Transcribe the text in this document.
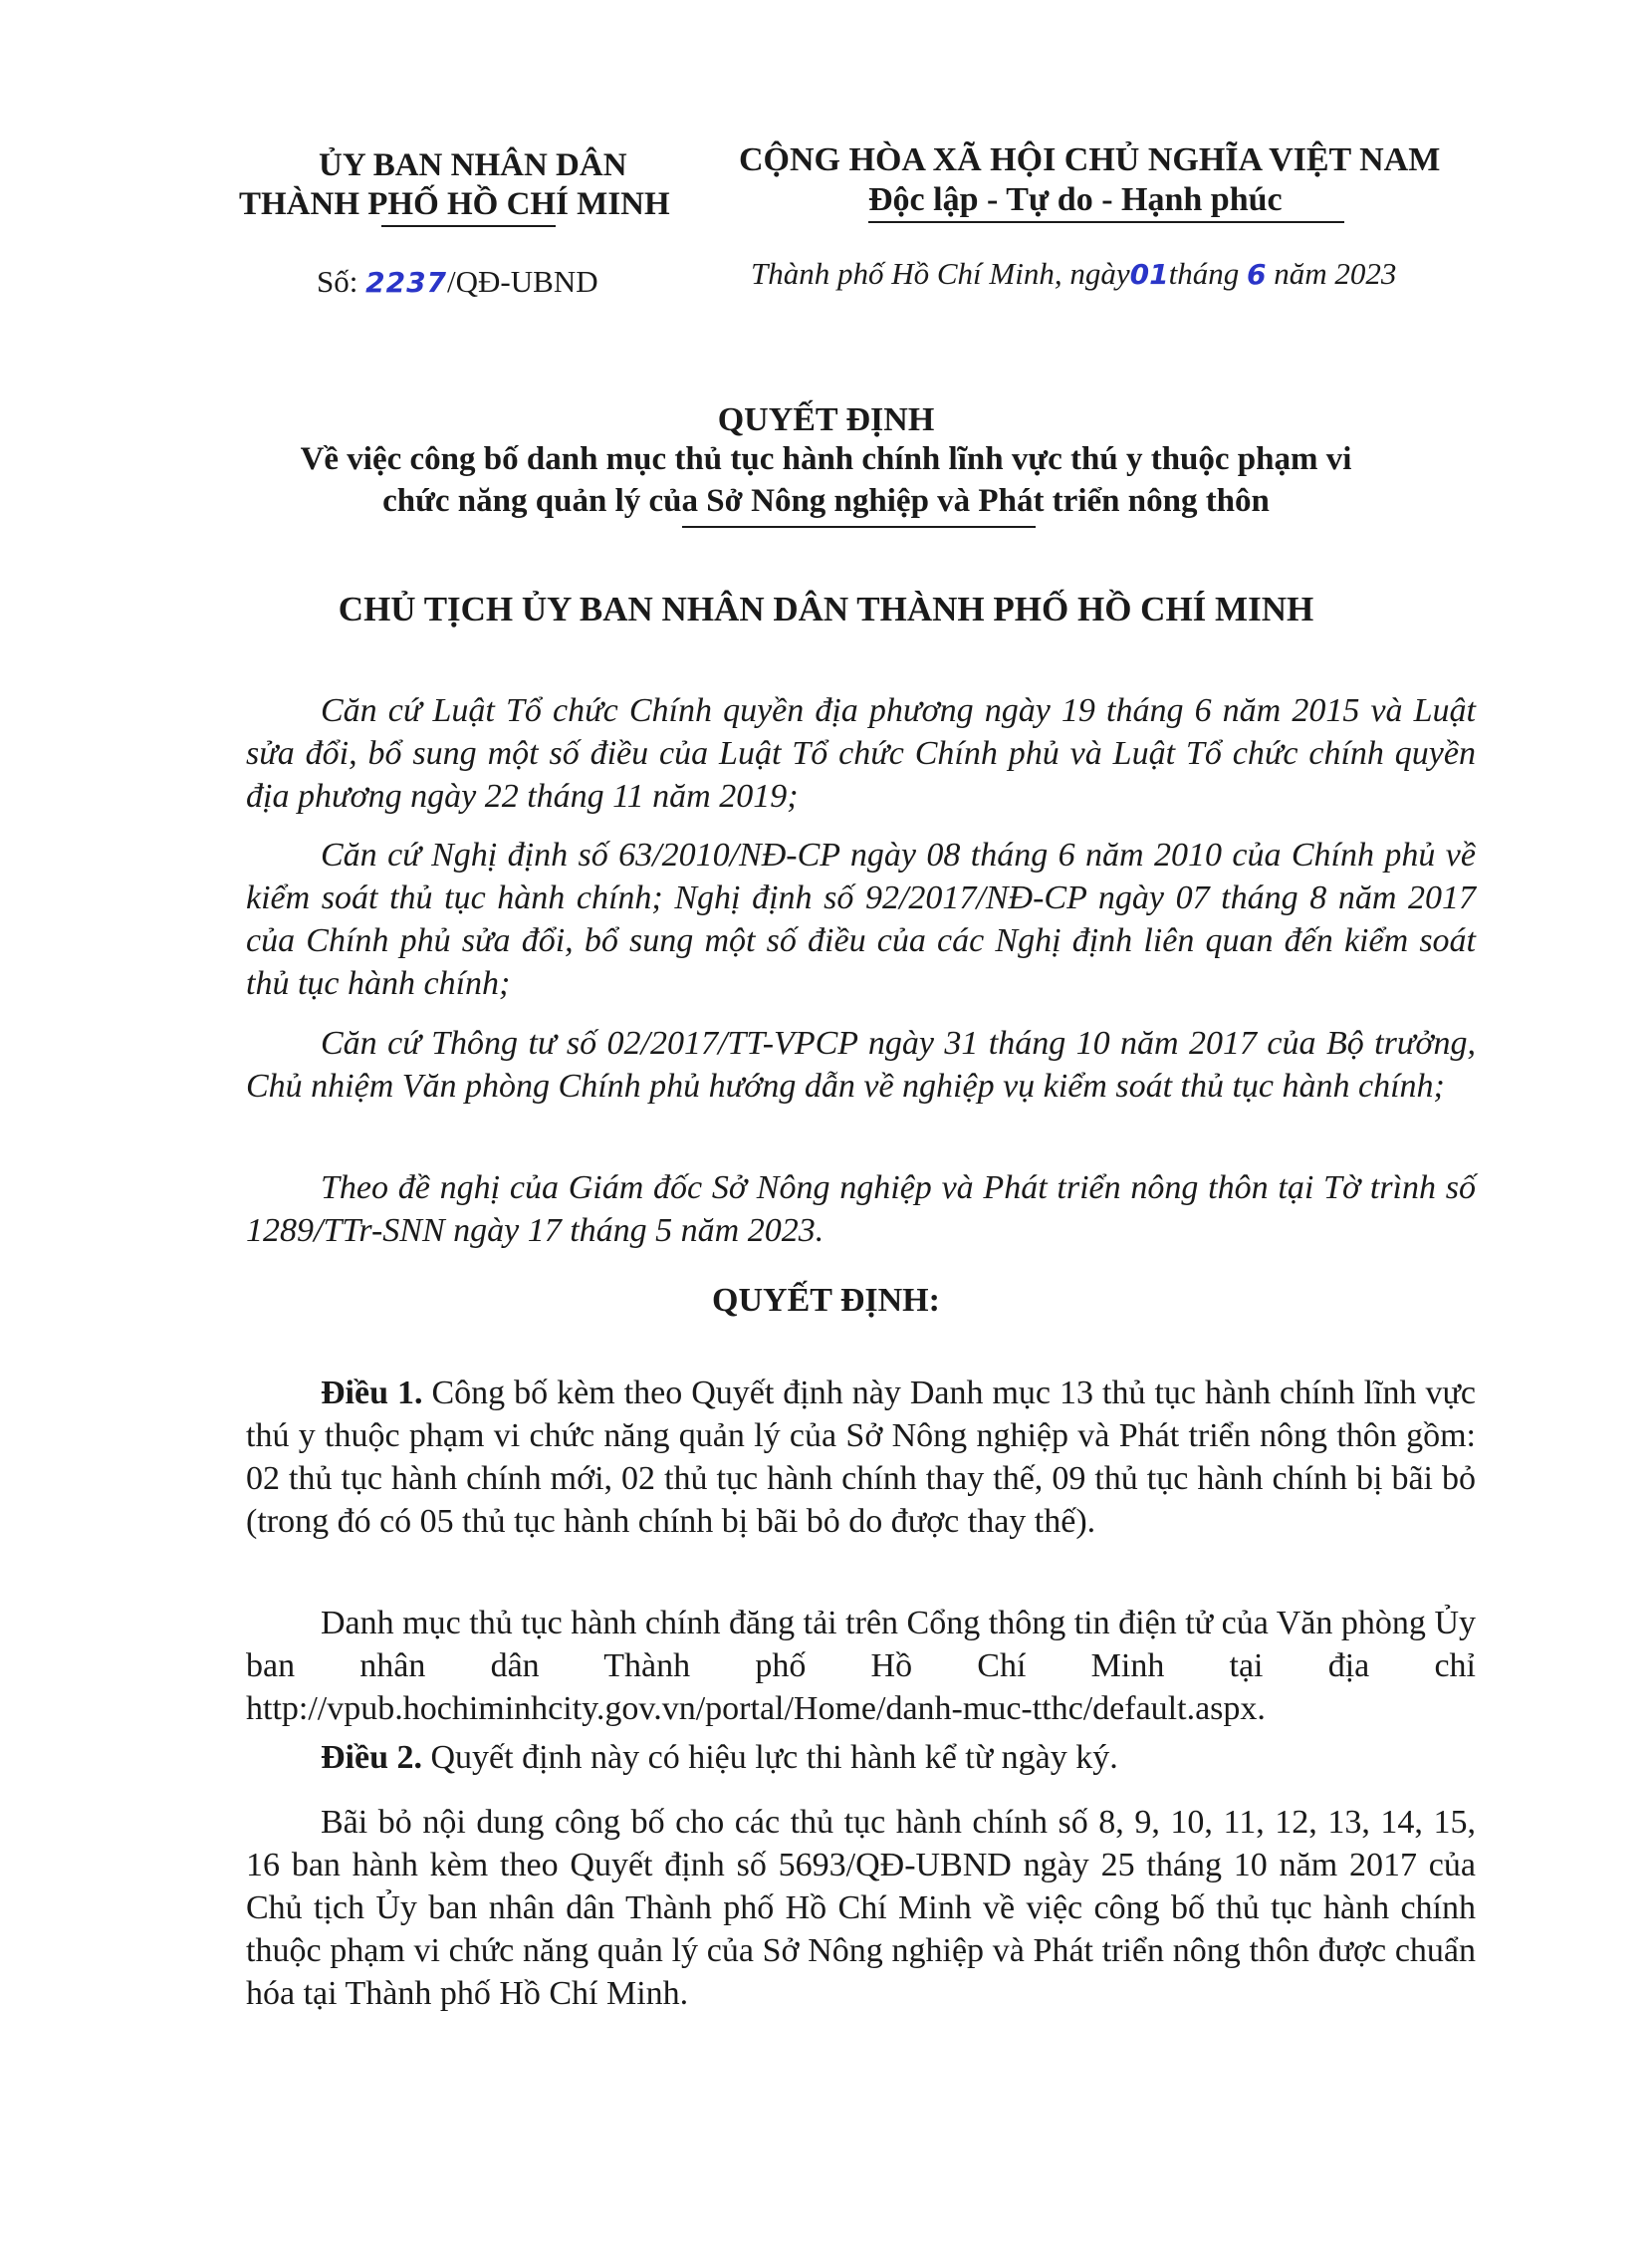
ỦY BAN NHÂN DÂN
THÀNH PHỐ HỒ CHÍ MINH
CỘNG HÒA XÃ HỘI CHỦ NGHĨA VIỆT NAM
Độc lập - Tự do - Hạnh phúc
Số: 2237/QĐ-UBND	Thành phố Hồ Chí Minh, ngày01tháng 6 năm 2023
QUYẾT ĐỊNH
Về việc công bố danh mục thủ tục hành chính lĩnh vực thú y thuộc phạm vi
chức năng quản lý của Sở Nông nghiệp và Phát triển nông thôn
CHỦ TỊCH ỦY BAN NHÂN DÂN THÀNH PHỐ HỒ CHÍ MINH

Căn cứ Luật Tổ chức Chính quyền địa phương ngày 19 tháng 6 năm 2015 và Luật sửa đổi, bổ sung một số điều của Luật Tổ chức Chính phủ và Luật Tổ chức chính quyền địa phương ngày 22 tháng 11 năm 2019;

Căn cứ Nghị định số 63/2010/NĐ-CP ngày 08 tháng 6 năm 2010 của Chính phủ về kiểm soát thủ tục hành chính; Nghị định số 92/2017/NĐ-CP ngày 07 tháng 8 năm 2017 của Chính phủ sửa đổi, bổ sung một số điều của các Nghị định liên quan đến kiểm soát thủ tục hành chính;

Căn cứ Thông tư số 02/2017/TT-VPCP ngày 31 tháng 10 năm 2017 của Bộ trưởng, Chủ nhiệm Văn phòng Chính phủ hướng dẫn về nghiệp vụ kiểm soát thủ tục hành chính;

Theo đề nghị của Giám đốc Sở Nông nghiệp và Phát triển nông thôn tại Tờ trình số 1289/TTr-SNN ngày 17 tháng 5 năm 2023.

QUYẾT ĐỊNH:

Điều 1. Công bố kèm theo Quyết định này Danh mục 13 thủ tục hành chính lĩnh vực thú y thuộc phạm vi chức năng quản lý của Sở Nông nghiệp và Phát triển nông thôn gồm: 02 thủ tục hành chính mới, 02 thủ tục hành chính thay thế, 09 thủ tục hành chính bị bãi bỏ (trong đó có 05 thủ tục hành chính bị bãi bỏ do được thay thế).

Danh mục thủ tục hành chính đăng tải trên Cổng thông tin điện tử của Văn phòng Ủy ban nhân dân Thành phố Hồ Chí Minh tại địa chỉ http://vpub.hochiminhcity.gov.vn/portal/Home/danh-muc-tthc/default.aspx.

Điều 2. Quyết định này có hiệu lực thi hành kể từ ngày ký.

Bãi bỏ nội dung công bố cho các thủ tục hành chính số 8, 9, 10, 11, 12, 13, 14, 15, 16 ban hành kèm theo Quyết định số 5693/QĐ-UBND ngày 25 tháng 10 năm 2017 của Chủ tịch Ủy ban nhân dân Thành phố Hồ Chí Minh về việc công bố thủ tục hành chính thuộc phạm vi chức năng quản lý của Sở Nông nghiệp và Phát triển nông thôn được chuẩn hóa tại Thành phố Hồ Chí Minh.
